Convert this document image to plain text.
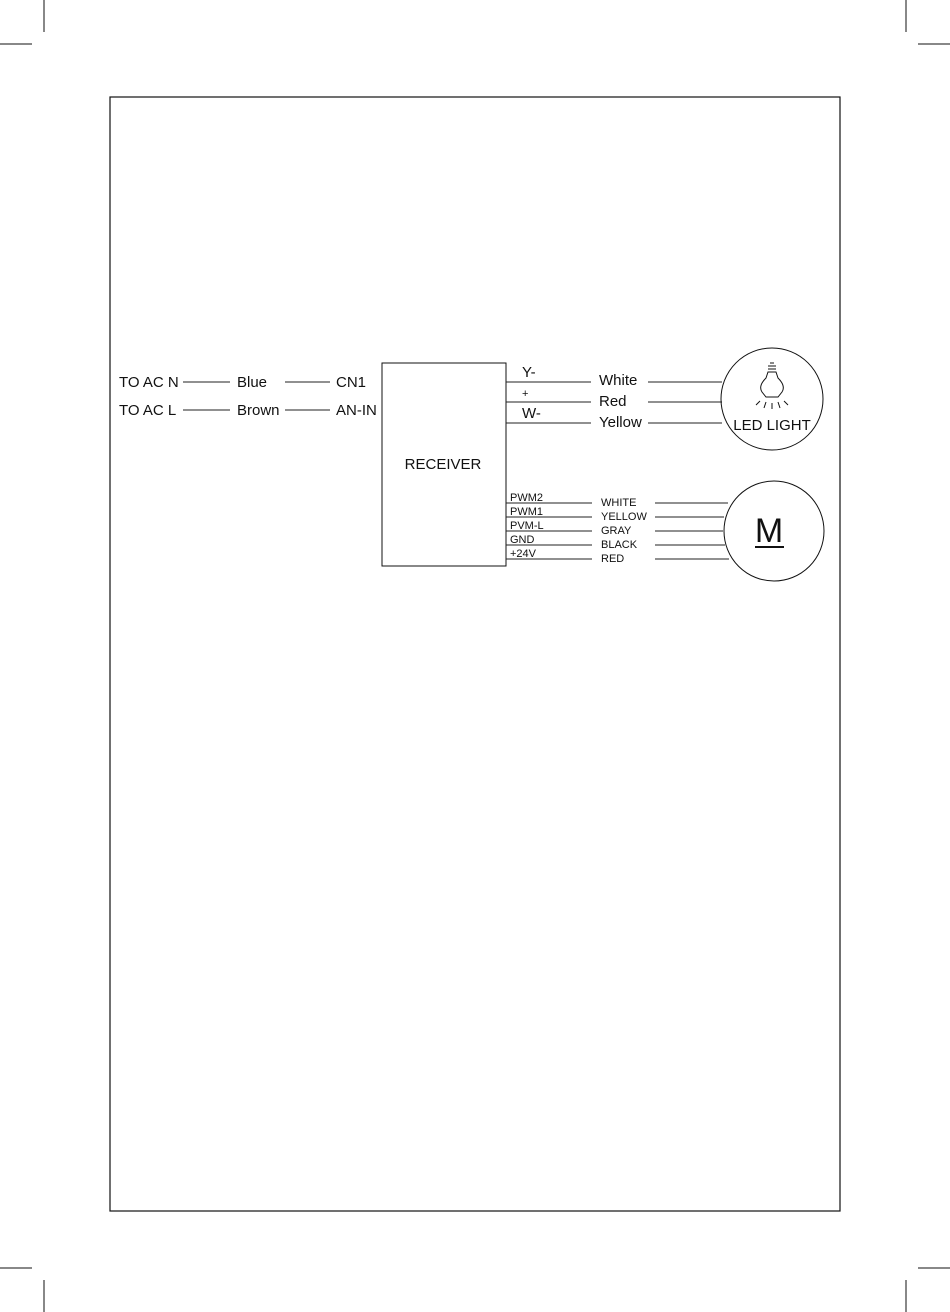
TO AC N	Blue	CN1
TO AC L	Brown	AN-IN
RECEIVER
Y-	White
+	Red
W-
Yellow	LED LIGHT
PWM2	WHITE
PWM1	YELLOW
PVM-L	GRAY
GND	BLACK
+24V	RED
M
